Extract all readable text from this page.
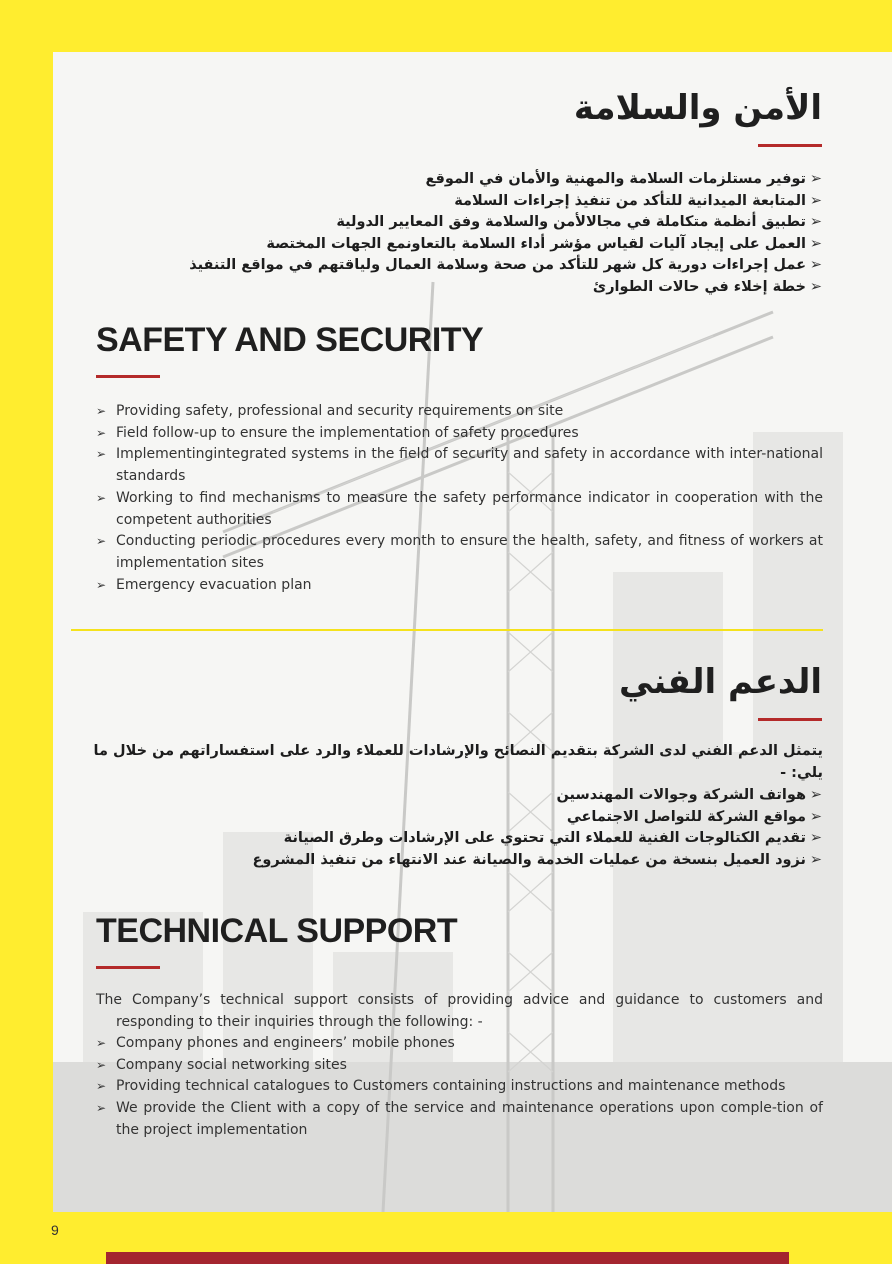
الأمن والسلامة
➢توفير مستلزمات السلامة والمهنية والأمان في الموقع
➢المتابعة الميدانية للتأكد من تنفيذ إجراءات السلامة
➢تطبيق أنظمة متكاملة في مجالالأمن والسلامة وفق المعايير الدولية
➢العمل على إيجاد آليات لقياس مؤشر أداء السلامة بالتعاونمع الجهات المختصة
➢عمل إجراءات دورية كل شهر للتأكد من صحة وسلامة العمال ولياقتهم في مواقع التنفيذ
➢خطة إخلاء في حالات الطوارئ
SAFETY AND SECURITY
➢ Providing safety, professional and security requirements on site
➢ Field follow-up to ensure the implementation of safety procedures
➢ Implementingintegrated systems in the field of security and safety in accordance with inter-national standards
➢ Working to find mechanisms to measure the safety performance indicator in cooperation with the competent authorities
➢ Conducting periodic procedures every month to ensure the health, safety, and fitness of workers at implementation sites
➢ Emergency evacuation plan
الدعم الفني

يتمثل الدعم الفني لدى الشركة بتقديم النصائح والإرشادات للعملاء والرد على استفساراتهم من خلال ما يلي: -

➢هواتف الشركة وجوالات المهندسين
➢مواقع الشركة للتواصل الاجتماعي
➢تقديم الكتالوجات الفنية للعملاء التي تحتوي على الإرشادات وطرق الصيانة
➢نزود العميل بنسخة من عمليات الخدمة والصيانة عند الانتهاء من تنفيذ المشروع
TECHNICAL SUPPORT

The Company’s technical support consists of providing advice and guidance to customers and responding to their inquiries through the following: -

➢ Company phones and engineers’ mobile phones
➢ Company social networking sites
➢ Providing technical catalogues to Customers containing instructions and maintenance methods
➢ We provide the Client with a copy of the service and maintenance operations upon comple-tion of the project implementation

9
